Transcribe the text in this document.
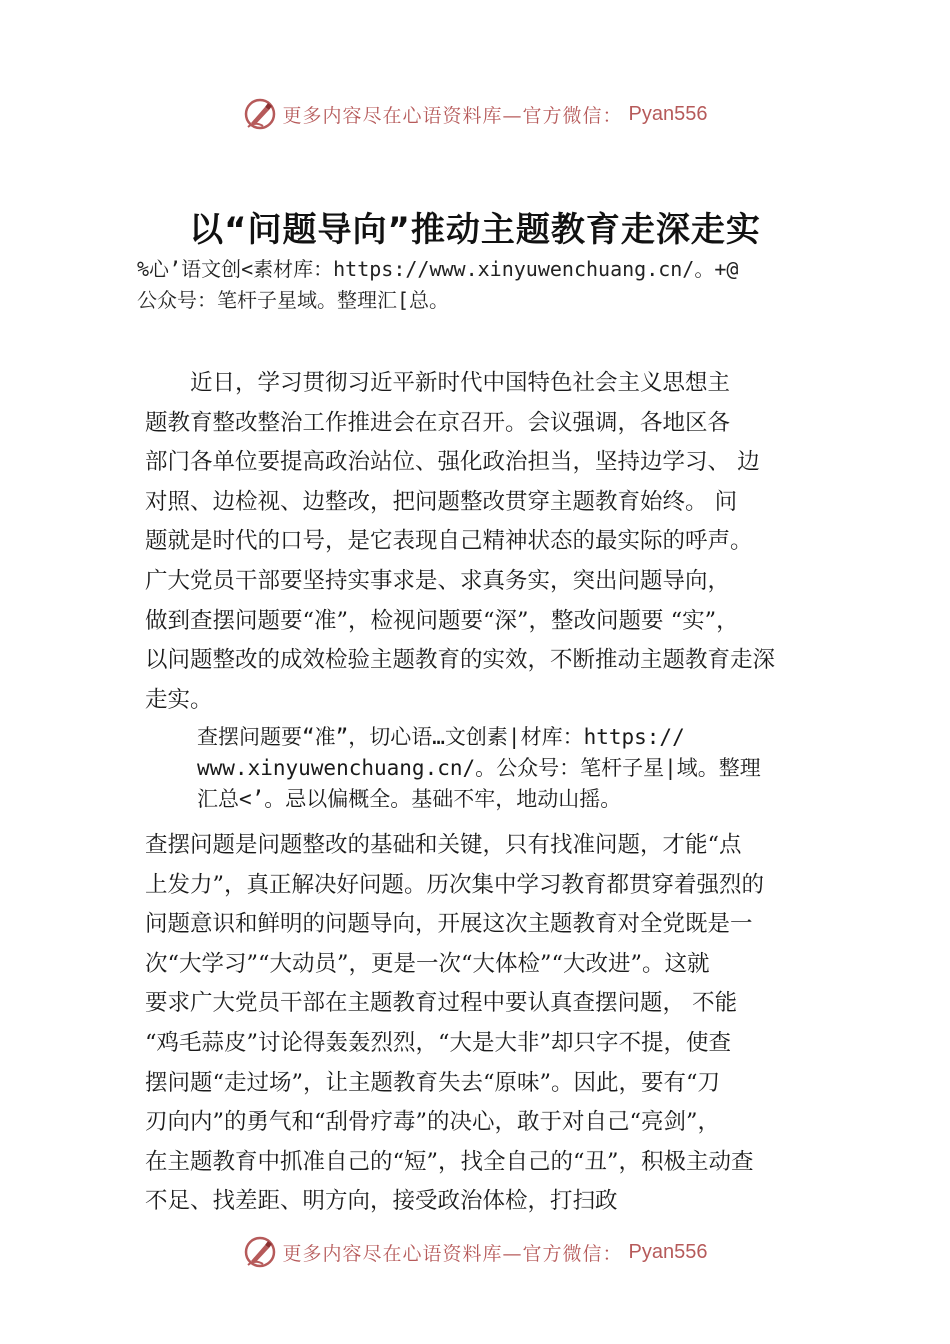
更多内容尽在心语资料库—官方微信： Pyan556
以“问题导向”推动主题教育走深走实

%心’语文创<素材库：https://www.xinyuwenchuang.cn/。+@
公众号：笔杆子星域。整理汇[总。

　　近日，学习贯彻习近平新时代中国特色社会主义思想主
题教育整改整治工作推进会在京召开。会议强调，各地区各
部门各单位要提高政治站位、强化政治担当，坚持边学习、 边
对照、边检视、边整改，把问题整改贯穿主题教育始终。 问
题就是时代的口号，是它表现自己精神状态的最实际的呼声。
广大党员干部要坚持实事求是、求真务实，突出问题导向，
做到查摆问题要“准”，检视问题要“深”，整改问题要 “实”，
以问题整改的成效检验主题教育的实效，不断推动主题教育走深
走实。

查摆问题要“准”，切心语…文创素|材库：https://
www.xinyuwenchuang.cn/。公众号：笔杆子星|域。整理
汇总<’。忌以偏概全。基础不牢，地动山摇。

查摆问题是问题整改的基础和关键，只有找准问题，才能“点
上发力”，真正解决好问题。历次集中学习教育都贯穿着强烈的
问题意识和鲜明的问题导向，开展这次主题教育对全党既是一
次“大学习”“大动员”，更是一次“大体检”“大改进”。这就
要求广大党员干部在主题教育过程中要认真查摆问题， 不能
“鸡毛蒜皮”讨论得轰轰烈烈，“大是大非”却只字不提，使查
摆问题“走过场”，让主题教育失去“原味”。因此，要有“刀
刃向内”的勇气和“刮骨疗毒”的决心，敢于对自己“亮剑”，
在主题教育中抓准自己的“短”，找全自己的“丑”，积极主动查
不足、找差距、明方向，接受政治体检，打扫政

更多内容尽在心语资料库—官方微信： Pyan556
